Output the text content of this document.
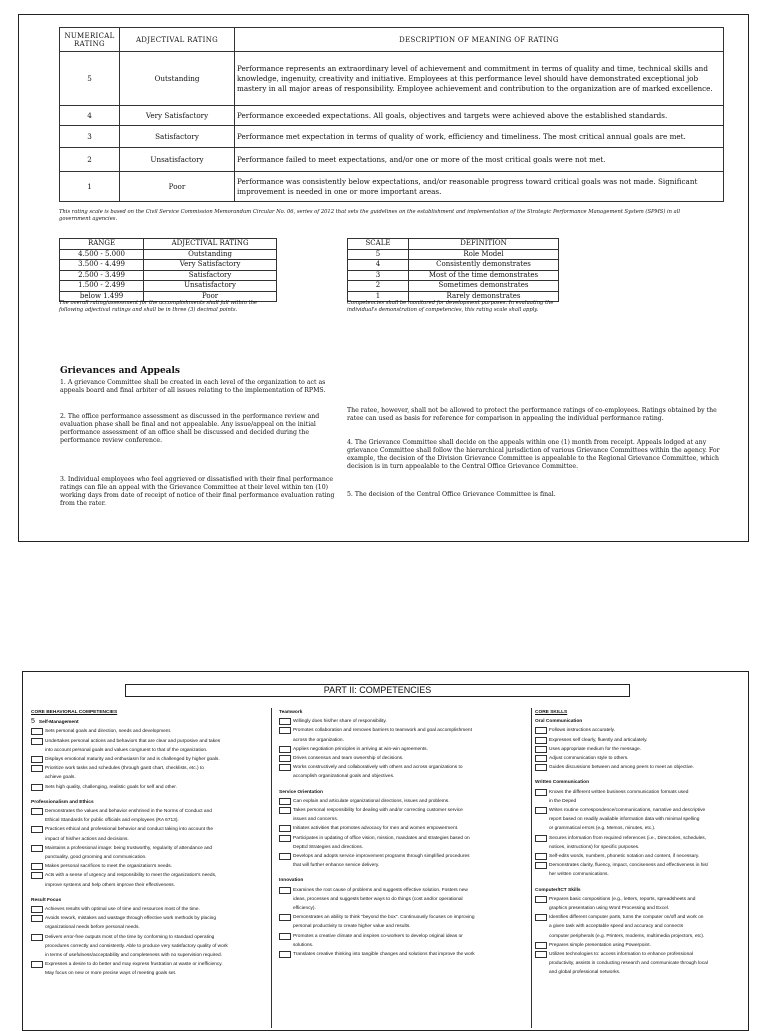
NUMERICAL RATING	ADJECTIVAL RATING	DESCRIPTION OF MEANING OF RATING
5	Outstanding	Performance represents an extraordinary level of achievement and commitment in terms of quality and time, technical skills and knowledge, ingenuity, creativity and initiative. Employees at this performance level should have demonstrated exceptional job mastery in all major areas of responsibility. Employee achievement and contribution to the organization are of marked excellence.
4	Very Satisfactory	Performance exceeded expectations. All goals, objectives and targets were achieved above the established standards.
3	Satisfactory	Performance met expectation in terms of quality of work, efficiency and timeliness. The most critical annual goals are met.
2	Unsatisfactory	Performance failed to meet expectations, and/or one or more of the most critical goals were not met.
1	Poor	Performance was consistently below expectations, and/or reasonable progress toward critical goals was not made. Significant improvement is needed in one or more important areas.
This rating scale is based on the Civil Service Commission Memorandum Circular No. 06, series of 2012 that sets the guidelines on the establishment and implementation of the Strategic Performance Management System (SPMS) in all government agencies.
RANGE	ADJECTIVAL RATING
4.500 - 5.000	Outstanding
3.500 - 4.499	Very Satisfactory
2.500 - 3.499	Satisfactory
1.500 - 2.499	Unsatisfactory
below 1.499	Poor
The overall rating/assessment for the accomplishments shall fall within the following adjectival ratings and shall be in three (3) decimal points.
SCALE	DEFINITION
5	Role Model
4	Consistently demonstrates
3	Most of the time demonstrates
2	Sometimes demonstrates
1	Rarely demonstrates
Competencies shall be monitored for development purposes. In evaluating the individual's demonstration of competencies, this rating scale shall apply.
Grievances and Appeals
1. A grievance Committee shall be created in each level of the organization to act as appeals board and final arbiter of all issues relating to the implementation of RPMS.
2. The office performance assessment as discussed in the performance review and evaluation phase shall be final and not appealable. Any issue/appeal on the initial performance assessment of an office shall be discussed and decided during the performance review conference.
3. Individual employees who feel aggrieved or dissatisfied with their final performance ratings can file an appeal with the Grievance Committee at their level within ten (10) working days from date of receipt of notice of their final performance evaluation rating from the rater.
The ratee, however, shall not be allowed to protect the performance ratings of co-employees. Ratings obtained by the ratee can used as basis for reference for comparison in appealing the individual performance rating.
4. The Grievance Committee shall decide on the appeals within one (1) month from receipt. Appeals lodged at any grievance Committee shall follow the hierarchical jurisdiction of various Grievance Committees within the agency. For example, the decision of the Division Grievance Committee is appealable to the Regional Grievance Committee, which decision is in turn appealable to the Central Office Grievance Committee.
5. The decision of the Central Office Grievance Committee is final.
PART II: COMPETENCIES
CORE BEHAVIORAL COMPETENCIES
5 Self-Management
Sets personal goals and direction, needs and development.
Undertakes personal actions and behaviors that are clear and purposive and takes
into account personal goals and values congruent to that of the organization.
Displays emotional maturity and enthusiasm for and is challenged by higher goals.
Prioritize work tasks and schedules (through gantt chart, checklists, etc.) to
achieve goals.
Sets high quality, challenging, realistic goals for self and other.
Professionalism and Ethics
Demonstrates the values and behavior enshrined in the Norms of Conduct and
Ethical Standards for public officials and employees (RA 6713).
Practices ethical and professional behavior and conduct taking into account the
impact of his/her actions and decisions.
Maintains a professional image: being trustworthy, regularity of attendance and
punctuality, good grooming and communication.
Makes personal sacrifices to meet the organization's needs.
Acts with a sense of urgency and responsibility to meet the organization's needs,
improve systems and help others improve their effectiveness.
Result Focus
Achieves results with optimal use of time and resources most of the time.
Avoids rework, mistakes and wastage through effective work methods by placing
organizational needs before personal needs.
Delivers error-free outputs most of the time by conforming to standard operating
procedures correctly and consistently. Able to produce very satisfactory quality of work
in terms of usefulness/acceptability and completeness with no supervision required.
Expresses a desire to do better and may express frustration at waste or inefficiency.
May focus on new or more precise ways of meeting goals set.
Teamwork
Willingly does his/her share of responsibility.
Promotes collaboration and removes barriers to teamwork and goal accomplishment
across the organization.
Applies negotiation principles in arriving at win-win agreements.
Drives consensus and team ownership of decisions.
Works constructively and collaboratively with others and across organizations to
accomplish organizational goals and objectives.
Service Orientation
Can explain and articulate organizational directions, issues and problems.
Takes personal responsibility for dealing with and/or correcting customer service
issues and concerns.
Initiates activities that promotes advocacy for men and women empowerment.
Participates in updating of office vision, mission, mandates and strategies based on
DepEd Strategies and directions.
Develops and adopts service improvement programs through simplified procedures
that will further enhance service delivery.
Innovation
Examines the root cause of problems and suggests effective solution. Fosters new
ideas, processes and suggests better ways to do things (cost and/or operational
efficiency).
Demonstrates an ability to think "beyond the box". Continuously focuses on improving
personal productivity to create higher value and results.
Promotes a creative climate and inspires co-workers to develop original ideas or
solutions.
Translates creative thinking into tangible changes and solutions that improve the work
CORE SKILLS
Oral Communication
Follows instructions accurately.
Expresses self clearly, fluently and articulately.
Uses appropriate medium for the message.
Adjust communication style to others.
Guides discussions between and among peers to meet an objective.
Written Communication
Knows the different written business communication formats used
in the Deped
Writes routine correspondence/communications, narrative and descriptive
report based on readily available information data with minimal spelling
or grammatical errors (e.g. Memos, minutes, etc.).
Secures information from required references (i.e., Directories, schedules,
notices, instructions) for specific purposes.
Self-edits words, numbers, phonetic notation and content, if necessary.
Demonstrates clarity, fluency, impact, conciseness and effectiveness in his/
her written communications.
Computer/ICT Skills
Prepares basic compositions (e.g., letters, reports, spreadsheets and
graphics presentation using Word Processing and Excel.
Identifies different computer parts, turns the computer on/off and work on
a given task with acceptable speed and accuracy and connects
computer peripherals (e.g. Printers, modems, multimedia projectors, etc).
Prepares simple presentation using Powerpoint.
Utilizes technologies to: access information to enhance professional
productivity, assists in conducting research and communicate through local
and global professional networks.
